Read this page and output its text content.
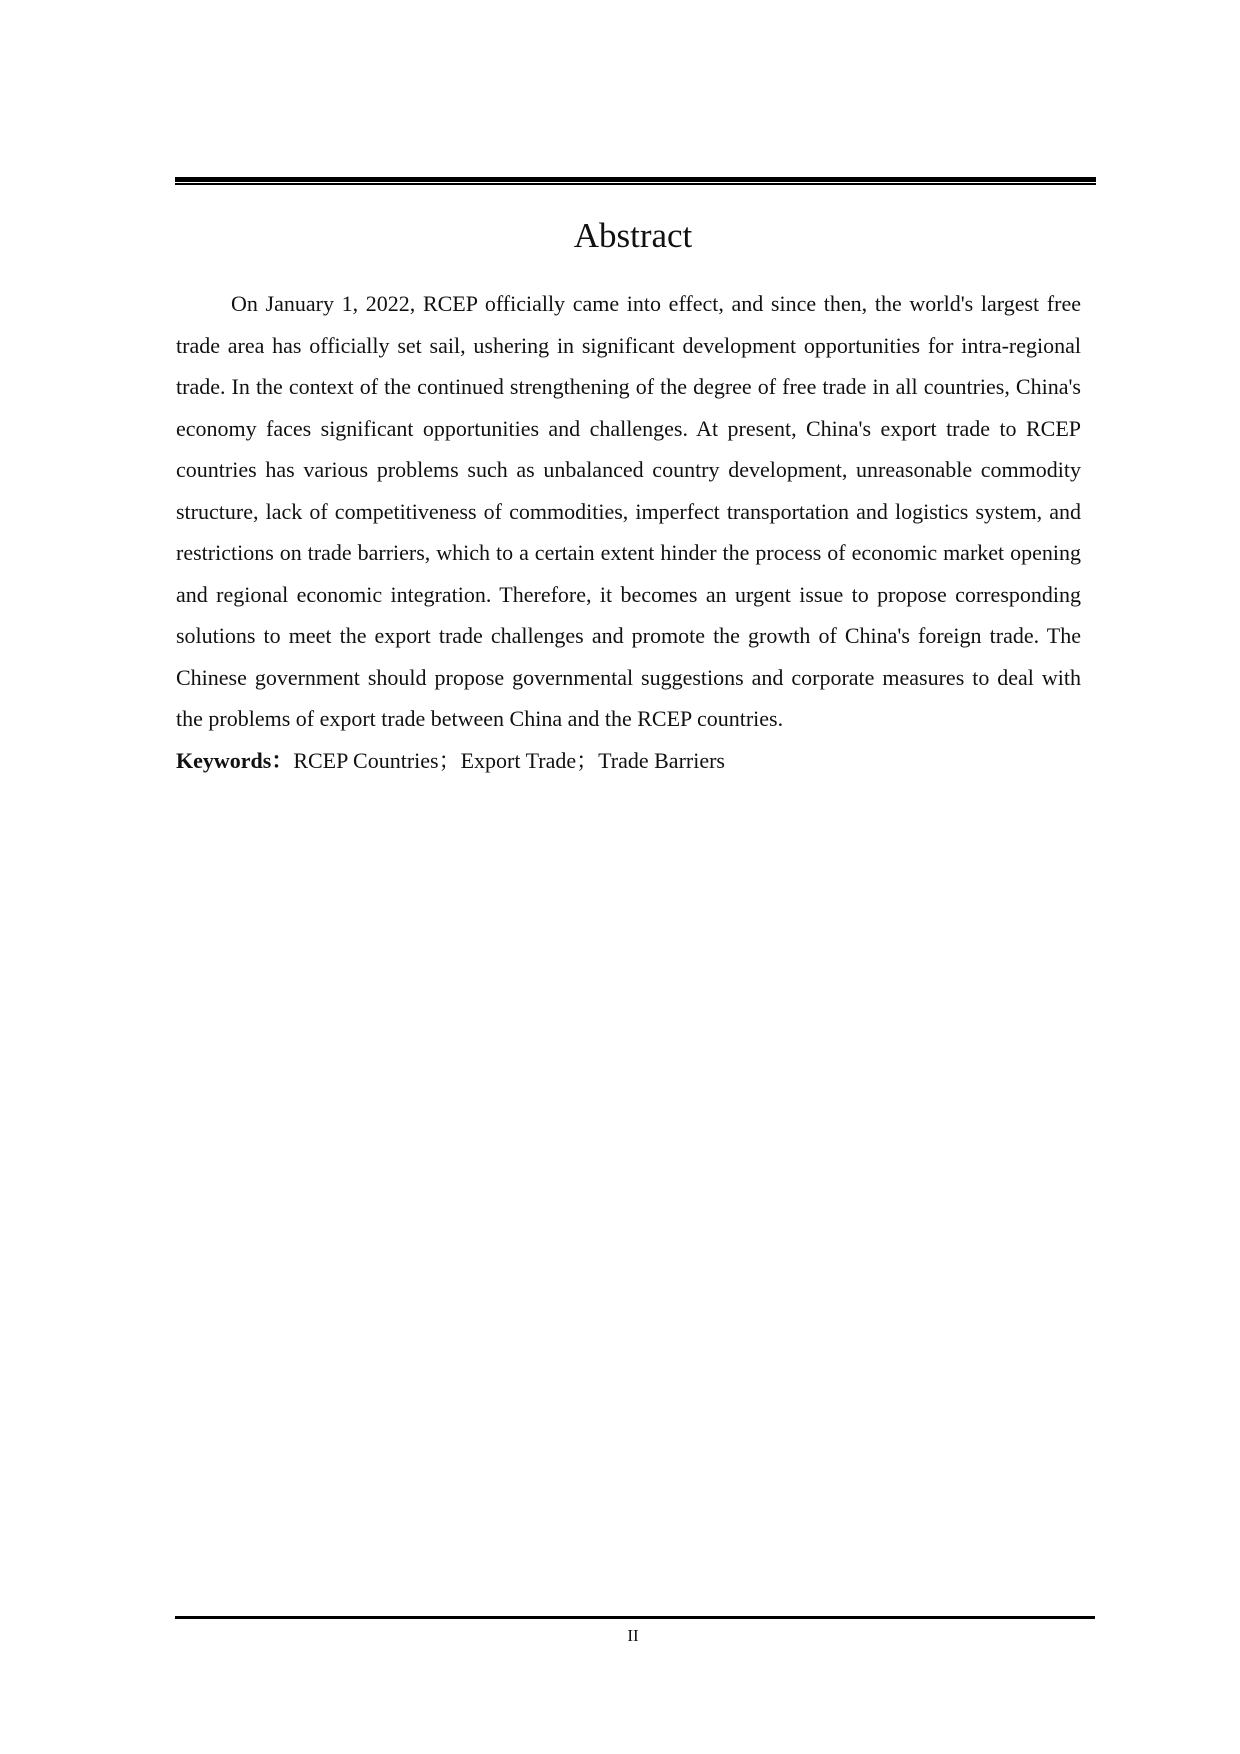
Abstract

On January 1, 2022, RCEP officially came into effect, and since then, the world's largest free trade area has officially set sail, ushering in significant development opportunities for intra-regional trade. In the context of the continued strengthening of the degree of free trade in all countries, China's economy faces significant opportunities and challenges. At present, China's export trade to RCEP countries has various problems such as unbalanced country development, unreasonable commodity structure, lack of competitiveness of commodities, imperfect transportation and logistics system, and restrictions on trade barriers, which to a certain extent hinder the process of economic market opening and regional economic integration. Therefore, it becomes an urgent issue to propose corresponding solutions to meet the export trade challenges and promote the growth of China's foreign trade. The Chinese government should propose governmental suggestions and corporate measures to deal with the problems of export trade between China and the RCEP countries.

Keywords：RCEP Countries；Export Trade；Trade Barriers

II
